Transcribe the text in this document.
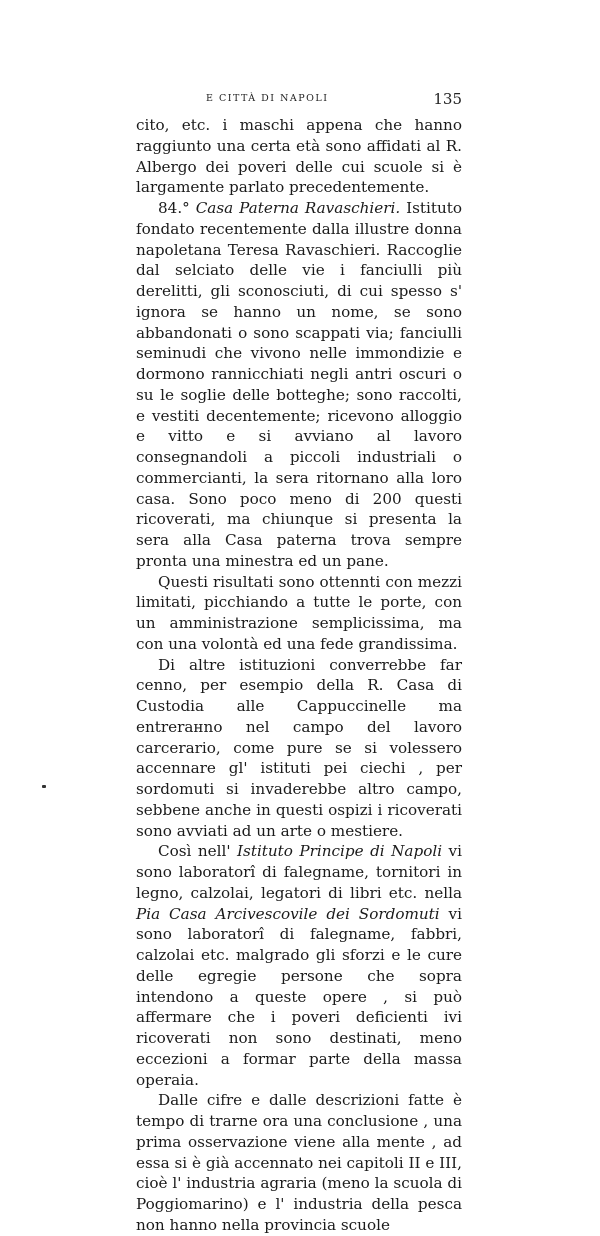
E CITTÀ DI NAPOLI	135

cito, etc. i maschi appena che hanno raggiunto una certa età sono affidati al R. Albergo dei poveri delle cui scuole si è largamente parlato precedentemente.

84.° Casa Paterna Ravaschieri. Istituto fondato recentemente dalla illustre donna napoletana Teresa Ravaschieri. Raccoglie dal selciato delle vie i fanciulli più derelitti, gli sconosciuti, di cui spesso s' ignora se hanno un nome, se sono abbandonati o sono scappati via; fanciulli seminudi che vivono nelle immondizie e dormono rannicchiati negli antri oscuri o su le soglie delle botteghe; sono raccolti, e vestiti decentemente; ricevono alloggio e vitto e si avviano al lavoro consegnandoli a piccoli industriali o commercianti, la sera ritornano alla loro casa. Sono poco meno di 200 questi ricoverati, ma chiunque si presenta la sera alla Casa paterna trova sempre pronta una minestra ed un pane.

Questi risultati sono ottennti con mezzi limitati, picchiando a tutte le porte, con un amministrazione semplicissima, ma con una volontà ed una fede grandissima.

Di altre istituzioni converrebbe far cenno, per esempio della R. Casa di Custodia alle Cappuccinelle ma entrerанno nel campo del lavoro carcerario, come pure se si volessero accennare gl' istituti pei ciechi , per sordomuti si invaderebbe altro campo, sebbene anche in questi ospizi i ricoverati sono avviati ad un arte o mestiere.

Così nell' Istituto Principe di Napoli vi sono laboratorî di falegname, tornitori in legno, calzolai, legatori di libri etc. nella Pia Casa Arcivescovile dei Sordomuti vi sono laboratorî di falegname, fabbri, calzolai etc. malgrado gli sforzi e le cure delle egregie persone che sopra intendono a queste opere , si può affermare che i poveri deficienti ivi ricoverati non sono destinati, meno eccezioni a formar parte della massa operaia.

Dalle cifre e dalle descrizioni fatte è tempo di trarne ora una conclusione , una prima osservazione viene alla mente , ad essa si è già accennato nei capitoli II e III, cioè l' industria agraria (meno la scuola di Poggiomarino) e l' industria della pesca non hanno nella provincia scuole
